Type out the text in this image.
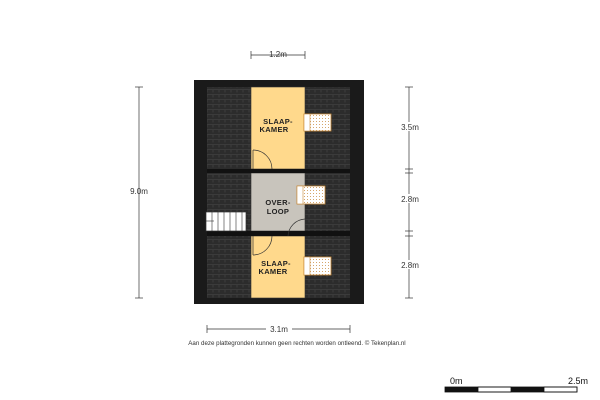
SLAAP-
KAMER
OVER-
LOOP
SLAAP-
KAMER
1.2m
9.0m
3.5m
2.8m
2.8m
3.1m
Aan deze plattegronden kunnen geen rechten worden ontleend. © Tekenplan.nl
0m	2.5m
